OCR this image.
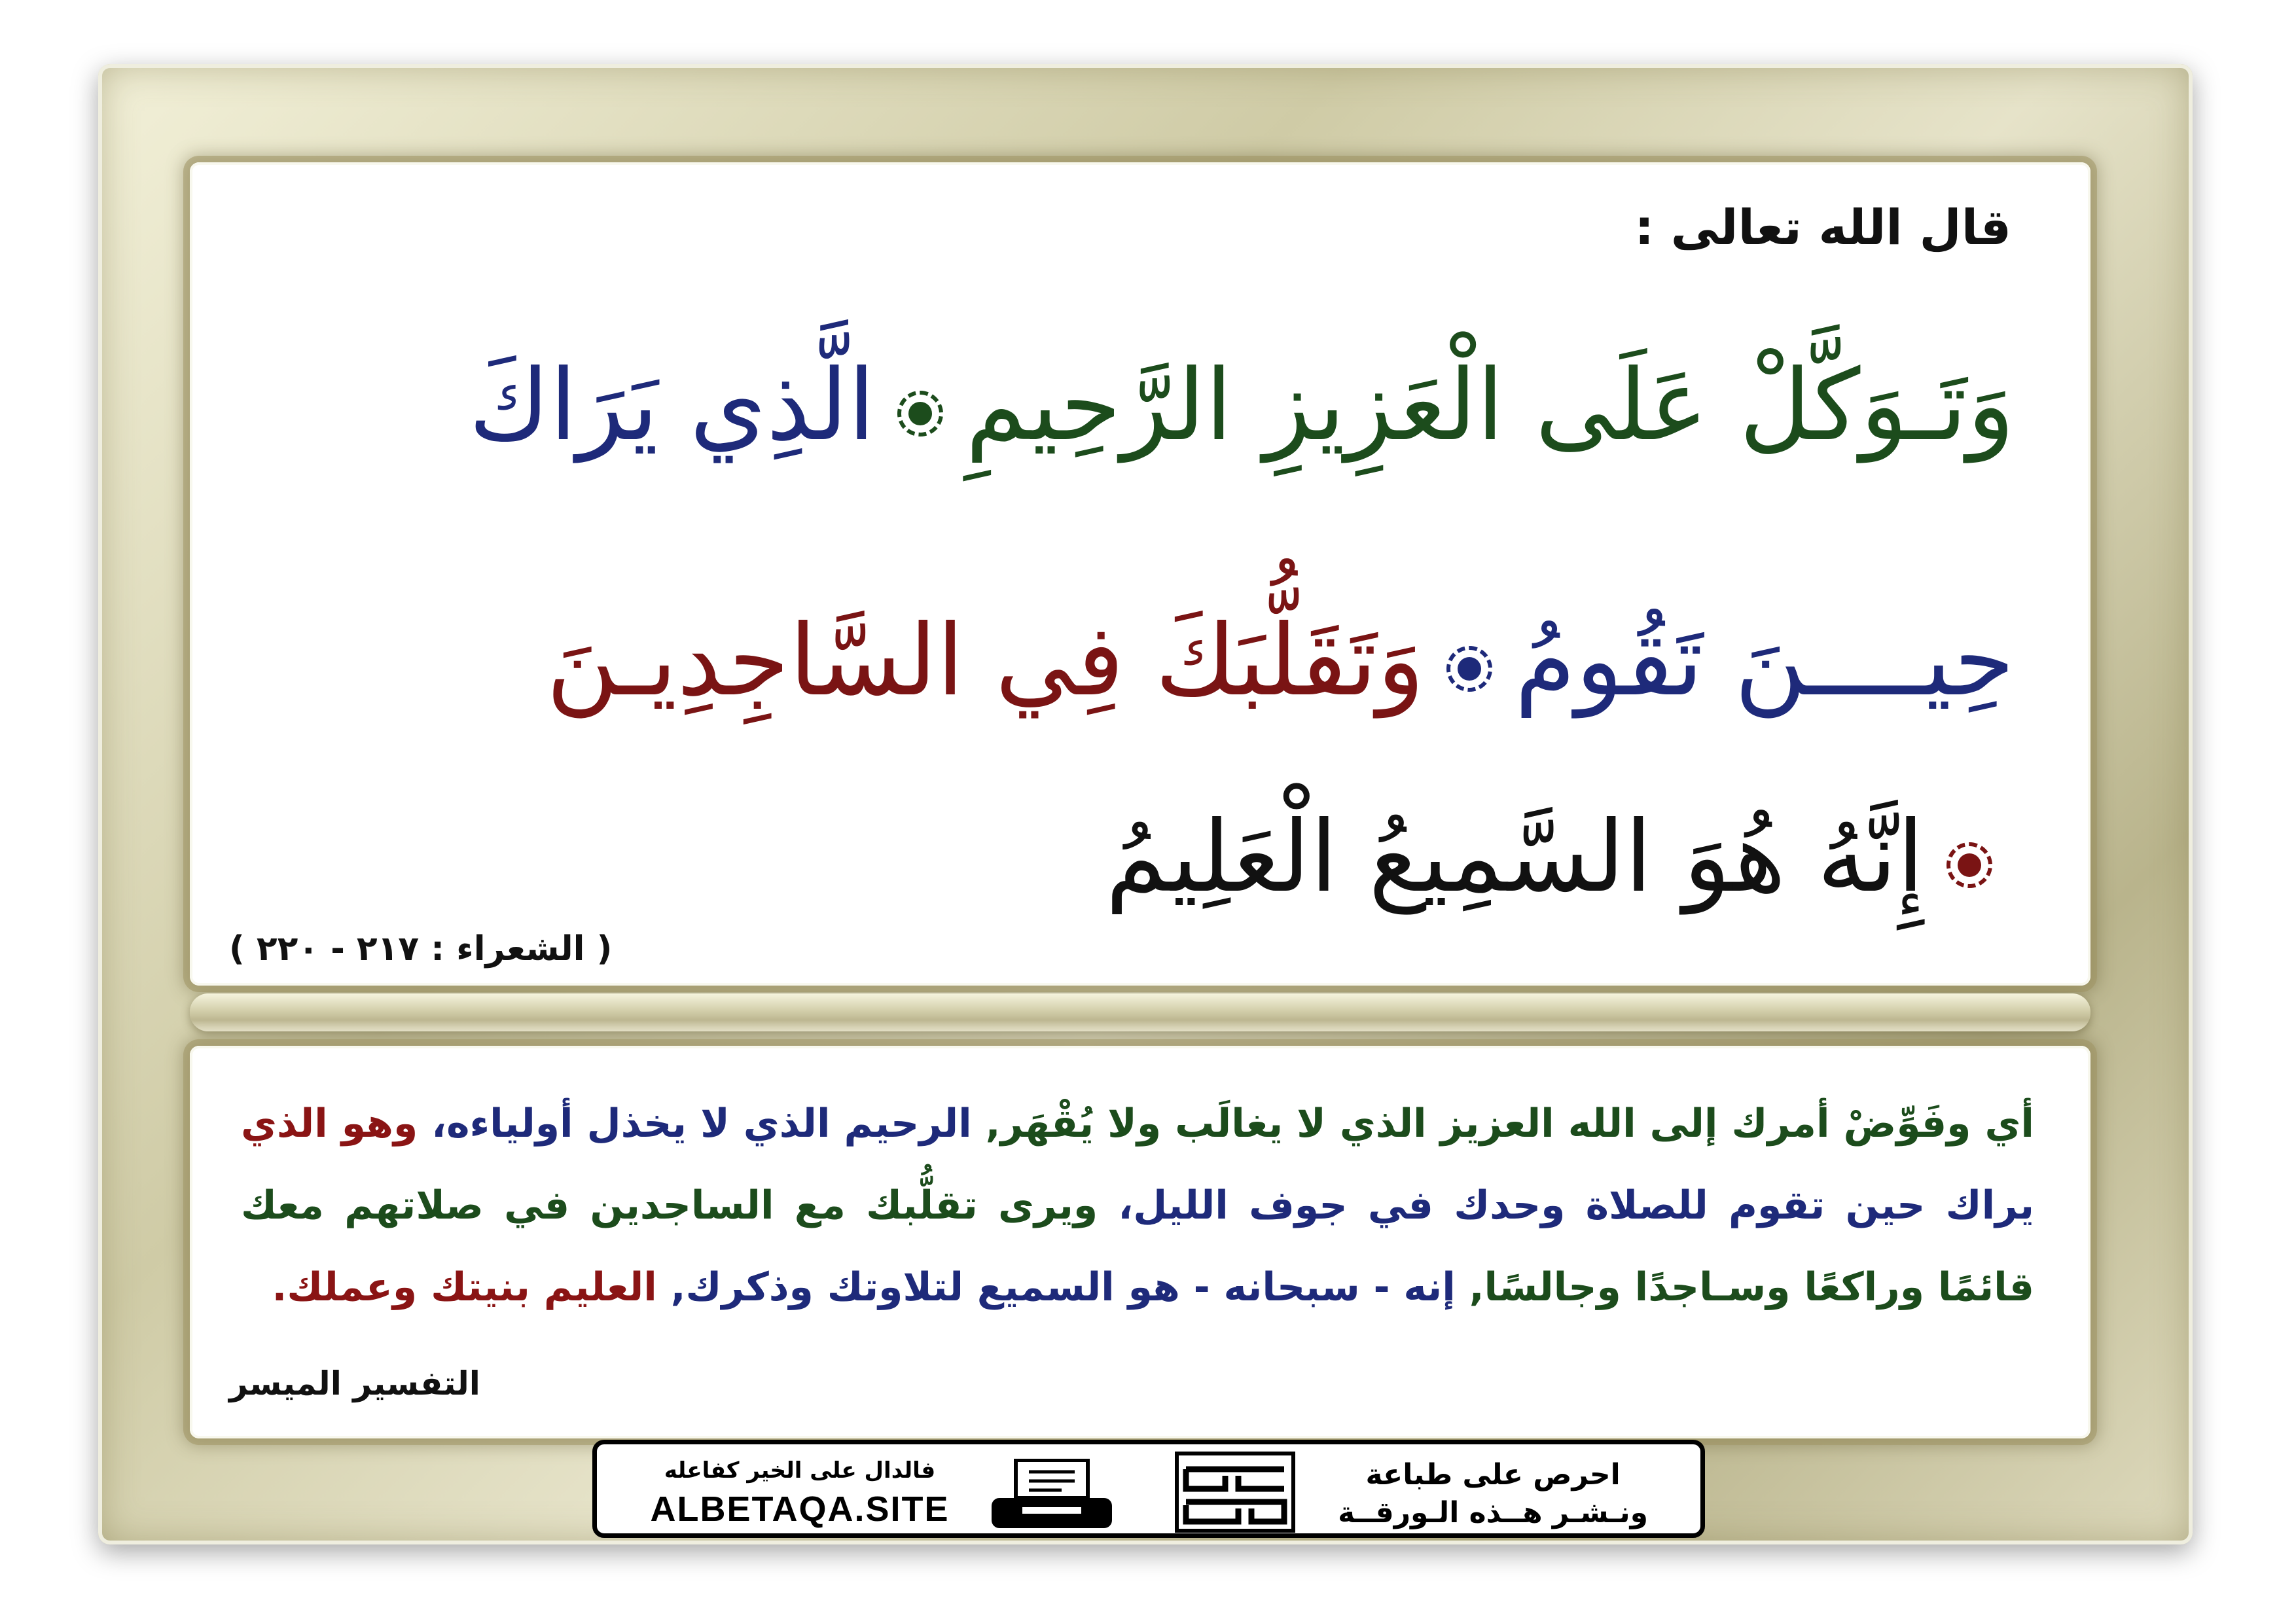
قال الله تعالى :
وَتَـوَكَّلْ عَلَى الْعَزِيزِ الرَّحِيمِالَّذِي يَرَاكَ
حِيــــنَ تَقُومُوَتَقَلُّبَكَ فِي السَّاجِدِيـنَ
إِنَّهُ هُوَ السَّمِيعُ الْعَلِيمُ
( الشعراء : ٢١٧ - ٢٢٠ )
أي وفَوِّضْ أمرك إلى الله العزيز الذي لا يغالَب ولا يُقْهَر, الرحيم الذي لا يخذل أولياءه، وهو الذي يراك حين تقوم للصلاة وحدك في جوف الليل، ويرى تقلُّبك مع الساجدين في صلاتهم معك قائمًا وراكعًا وسـاجدًا وجالسًا, إنه - سبحانه - هو السميع لتلاوتك وذكرك, العليم بنيتك وعملك.
التفسير الميسر
فالدال على الخير كفاعله
ALBETAQA.SITE
احرص على طباعة
ونـشـر هــذه الـورقــة
